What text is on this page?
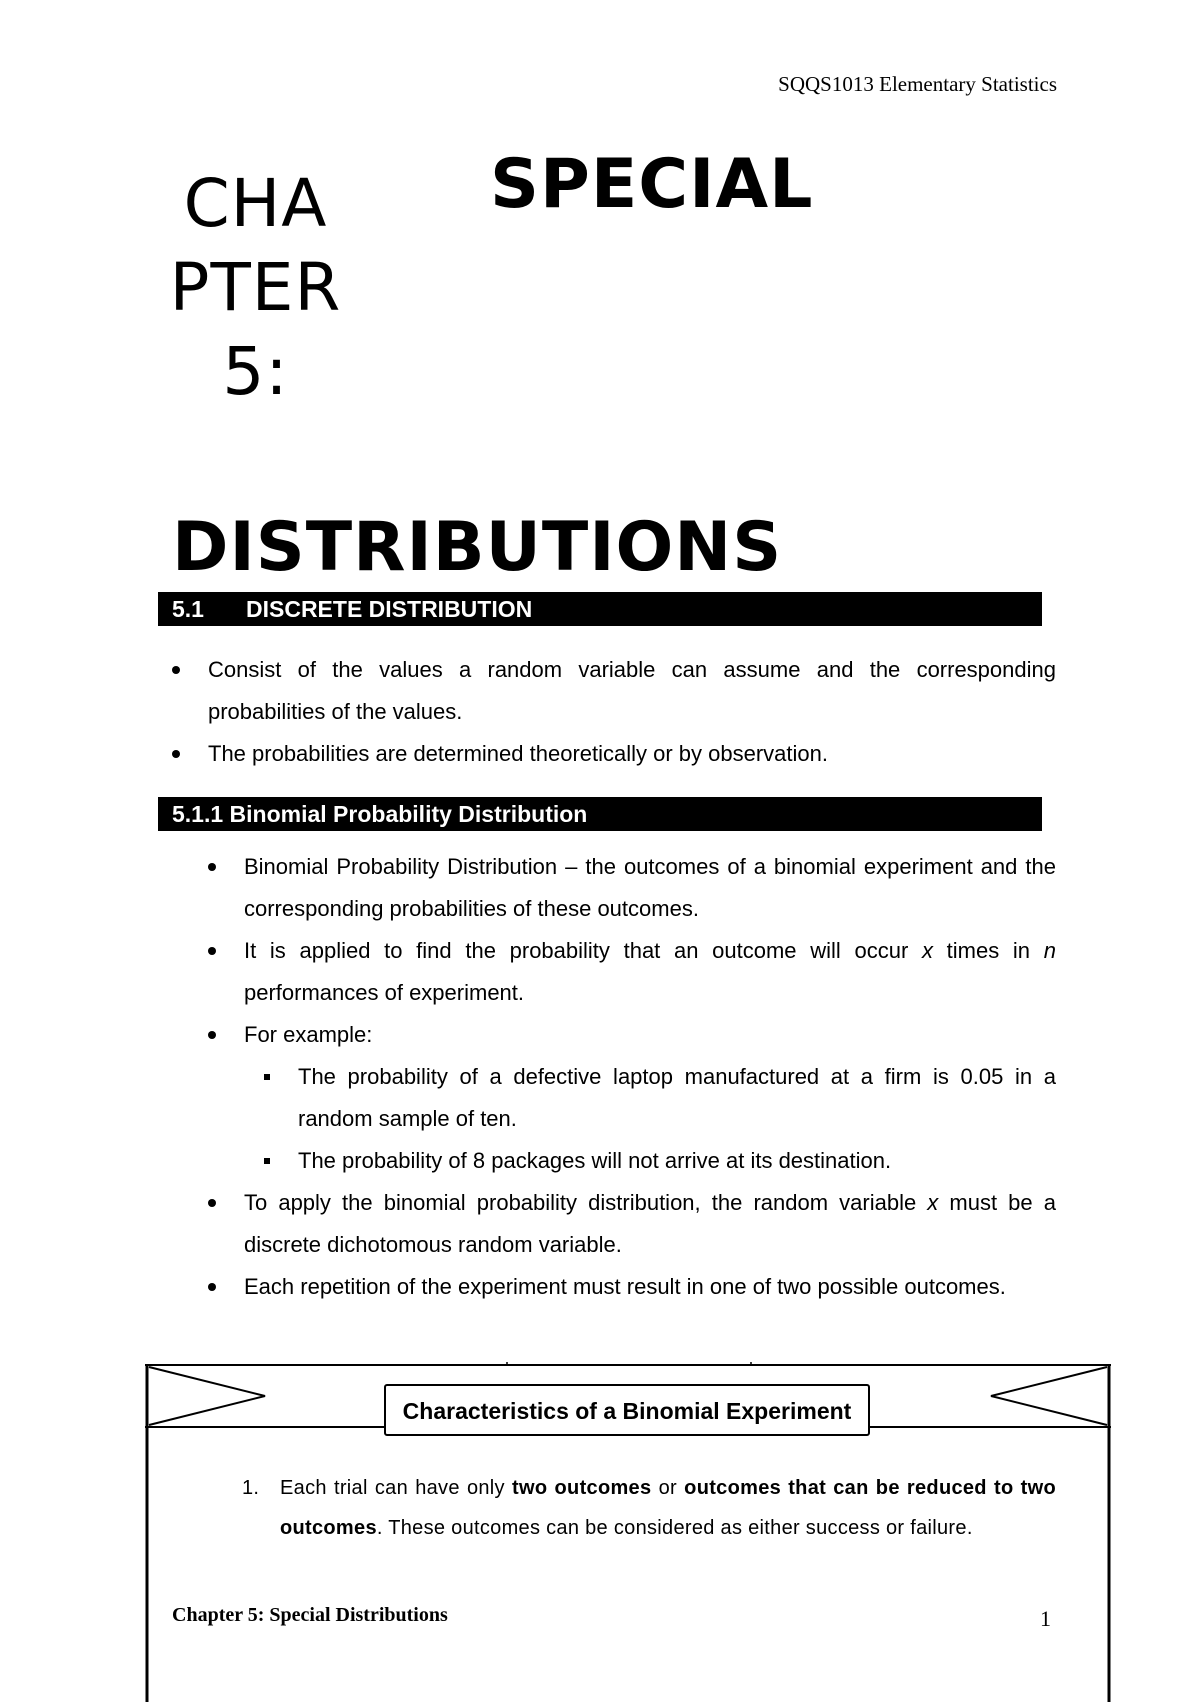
SQQS1013 Elementary Statistics
CHA
PTER
5:
SPECIAL
DISTRIBUTIONS
5.1 DISCRETE DISTRIBUTION
Consist of the values a random variable can assume and the corresponding probabilities of the values.
The probabilities are determined theoretically or by observation.
5.1.1 Binomial Probability Distribution
Binomial Probability Distribution – the outcomes of a binomial experiment and the corresponding probabilities of these outcomes.
It is applied to find the probability that an outcome will occur x times in n performances of experiment.
For example:
The probability of a defective laptop manufactured at a firm is 0.05 in a random sample of ten.
The probability of 8 packages will not arrive at its destination.
To apply the binomial probability distribution, the random variable x must be a discrete dichotomous random variable.
Each repetition of the experiment must result in one of two possible outcomes.
Characteristics of a Binomial Experiment
1.	Each trial can have only two outcomes or outcomes that can be reduced to two outcomes. These outcomes can be considered as either success or failure.
Chapter 5: Special Distributions	1
